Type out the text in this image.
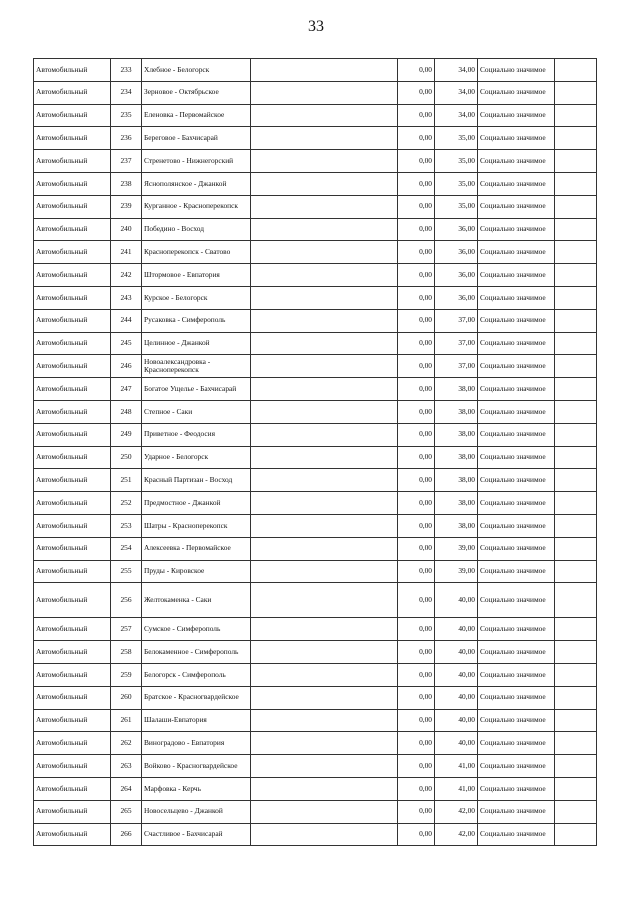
33
Автомобильный	233	Хлебное - Белогорск		0,00	34,00	Социально значимое	
Автомобильный	234	Зерновое - Октябрьское		0,00	34,00	Социально значимое	
Автомобильный	235	Еленовка - Первомайское		0,00	34,00	Социально значимое	
Автомобильный	236	Береговое - Бахчисарай		0,00	35,00	Социально значимое	
Автомобильный	237	Стренетово - Нижнегорский		0,00	35,00	Социально значимое	
Автомобильный	238	Яснополянское - Джанкой		0,00	35,00	Социально значимое	
Автомобильный	239	Курганное - Красноперекопск		0,00	35,00	Социально значимое	
Автомобильный	240	Победино - Восход		0,00	36,00	Социально значимое	
Автомобильный	241	Красноперекопск - Сватово		0,00	36,00	Социально значимое	
Автомобильный	242	Штормовое - Евпатория		0,00	36,00	Социально значимое	
Автомобильный	243	Курское - Белогорск		0,00	36,00	Социально значимое	
Автомобильный	244	Русаковка - Симферополь		0,00	37,00	Социально значимое	
Автомобильный	245	Целинное - Джанкой		0,00	37,00	Социально значимое	
Автомобильный	246	Новоалександровка - Красноперекопск		0,00	37,00	Социально значимое	
Автомобильный	247	Богатое Ущелье - Бахчисарай		0,00	38,00	Социально значимое	
Автомобильный	248	Степное - Саки		0,00	38,00	Социально значимое	
Автомобильный	249	Приветное - Феодосия		0,00	38,00	Социально значимое	
Автомобильный	250	Ударное - Белогорск		0,00	38,00	Социально значимое	
Автомобильный	251	Красный Партизан - Восход		0,00	38,00	Социально значимое	
Автомобильный	252	Предмостное - Джанкой		0,00	38,00	Социально значимое	
Автомобильный	253	Шатры - Красноперекопск		0,00	38,00	Социально значимое	
Автомобильный	254	Алексеевка - Первомайское		0,00	39,00	Социально значимое	
Автомобильный	255	Пруды - Кировское		0,00	39,00	Социально значимое	
Автомобильный	256	Желтокаменка - Саки		0,00	40,00	Социально значимое	
Автомобильный	257	Сумское - Симферополь		0,00	40,00	Социально значимое	
Автомобильный	258	Белокаменное - Симферополь		0,00	40,00	Социально значимое	
Автомобильный	259	Белогорск - Симферополь		0,00	40,00	Социально значимое	
Автомобильный	260	Братское - Красногвардейское		0,00	40,00	Социально значимое	
Автомобильный	261	Шалаши-Евпатория		0,00	40,00	Социально значимое	
Автомобильный	262	Виноградово - Евпатория		0,00	40,00	Социально значимое	
Автомобильный	263	Войково - Красногвардейское		0,00	41,00	Социально значимое	
Автомобильный	264	Марфовка - Керчь		0,00	41,00	Социально значимое	
Автомобильный	265	Новосельцево - Джанкой		0,00	42,00	Социально значимое	
Автомобильный	266	Счастливое - Бахчисарай		0,00	42,00	Социально значимое	
